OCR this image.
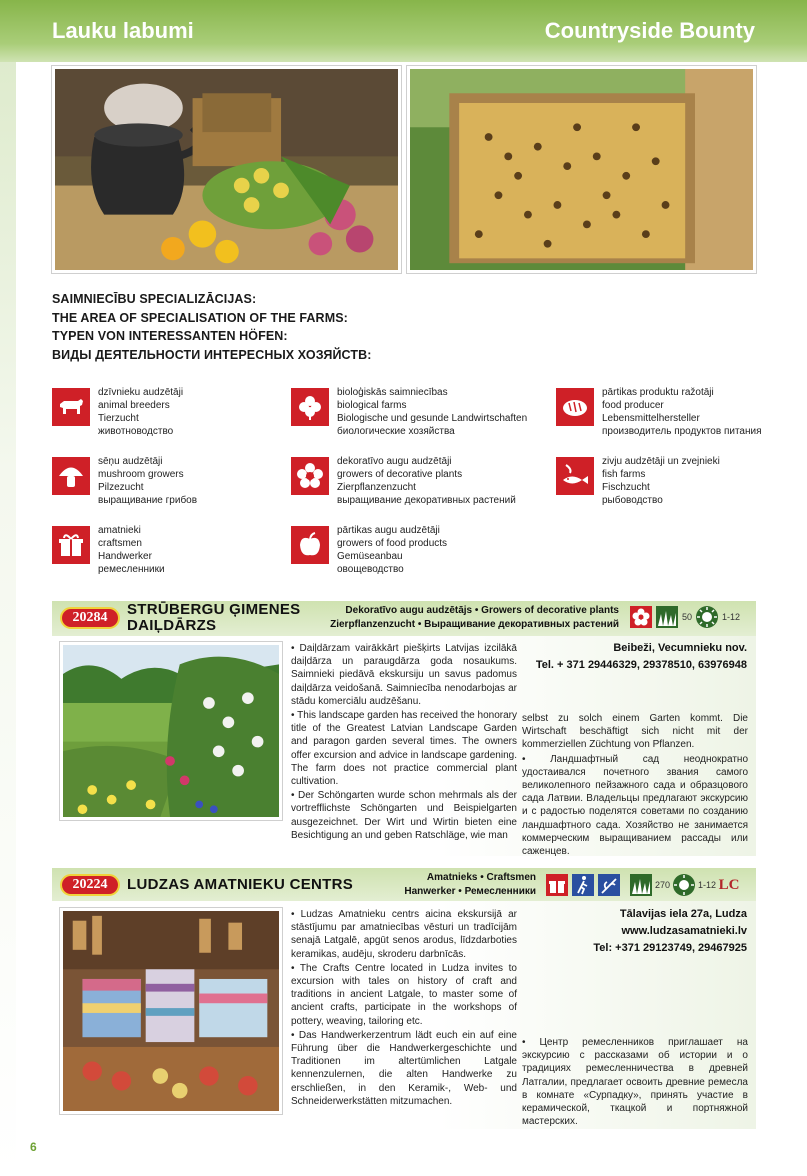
Lauku labumi	Countryside Bounty
SAIMNIECĪBU SPECIALIZĀCIJAS:
THE AREA OF SPECIALISATION OF THE FARMS:
TYPEN VON INTERESSANTEN HÖFEN:
ВИДЫ ДЕЯТЕЛЬНОСТИ ИНТЕРЕСНЫХ ХОЗЯЙСТВ:
dzīvnieku audzētāji
animal breeders
Tierzucht
животноводство
bioloģiskās saimniecības
biological farms
Biologische und gesunde Landwirtschaften
биологические хозяйства
pārtikas produktu ražotāji
food producer
Lebensmittelhersteller
производитель продуктов питания
sēņu audzētāji
mushroom growers
Pilzezucht
выращивание грибов
dekoratīvo augu audzētāji
growers of decorative plants
Zierpflanzenzucht
выращивание декоративных растений
zivju audzētāji un zvejnieki
fish farms
Fischzucht
рыбоводство
amatnieki
craftsmen
Handwerker
ремесленники
pārtikas augu audzētāji
growers of food products
Gemüseanbau
овощеводство
20284	STRŪBERGU ĢIMENES
DAIĻDĀRZS
Dekoratīvo augu audzētājs • Growers of decorative plants
Zierpflanzenzucht • Выращивание декоративных растений
50	1-12
Beibeži, Vecumnieku nov.
Tel. + 371 29446329, 29378510, 63976948

• Daiļdārzam vairākkārt piešķirts Latvijas izcilākā daiļdārza un paraugdārza goda nosaukums. Saimnieki piedāvā ekskursiju un savus padomus daiļdārza veidošanā. Saimniecība nenodarbojas ar stādu komerciālu audzēšanu.

• This landscape garden has received the honorary title of the Greatest Latvian Landscape Garden and paragon garden several times. The owners offer excursion and advice in landscape gardening. The farm does not practice commercial plant cultivation.

• Der Schöngarten wurde schon mehrmals als der vortrefflichste Schöngarten und Beispielgarten ausgezeichnet. Der Wirt und Wirtin bieten eine Besichtigung an und geben Ratschläge, wie man

selbst zu solch einem Garten kommt. Die Wirtschaft beschäftigt sich nicht mit der kommerziellen Züchtung von Pflanzen.

• Ландшафтный сад неоднократно удостаивался почетного звания самого великолепного пейзажного сада и образцового сада Латвии. Владельцы предлагают экскурсию и с радостью поделятся советами по созданию ландшафтного сада. Хозяйство не занимается коммерческим выращиванием рассады или саженцев.

20224	LUDZAS AMATNIEKU CENTRS	Amatnieks • Craftsmen
Hanwerker • Ремесленники
270	1-12 LC
Tālavijas iela 27a, Ludza
www.ludzasamatnieki.lv
Tel: +371 29123749, 29467925

• Ludzas Amatnieku centrs aicina ekskursijā ar stāstījumu par amatniecības vēsturi un tradīcijām senajā Latgalē, apgūt senos arodus, līdzdarboties keramikas, audēju, skroderu darbnīcās.

• The Crafts Centre located in Ludza invites to excursion with tales on history of craft and traditions in ancient Latgale, to master some of ancient crafts, participate in the workshops of pottery, weaving, tailoring etc.

• Das Handwerkerzentrum lädt euch ein auf eine Führung über die Handwerkergeschichte und Traditionen im altertümlichen Latgale kennenzulernen, die alten Handwerke zu erschließen, in den Keramik-, Web- und Schneiderwerkstätten mitzumachen.

• Центр ремесленников приглашает на экскурсию с рассказами об истории и о традициях ремесленничества в древней Латгалии, предлагает освоить древние ремесла в комнате «Сурпадку», принять участие в керамической, ткацкой и портняжной мастерских.

6
